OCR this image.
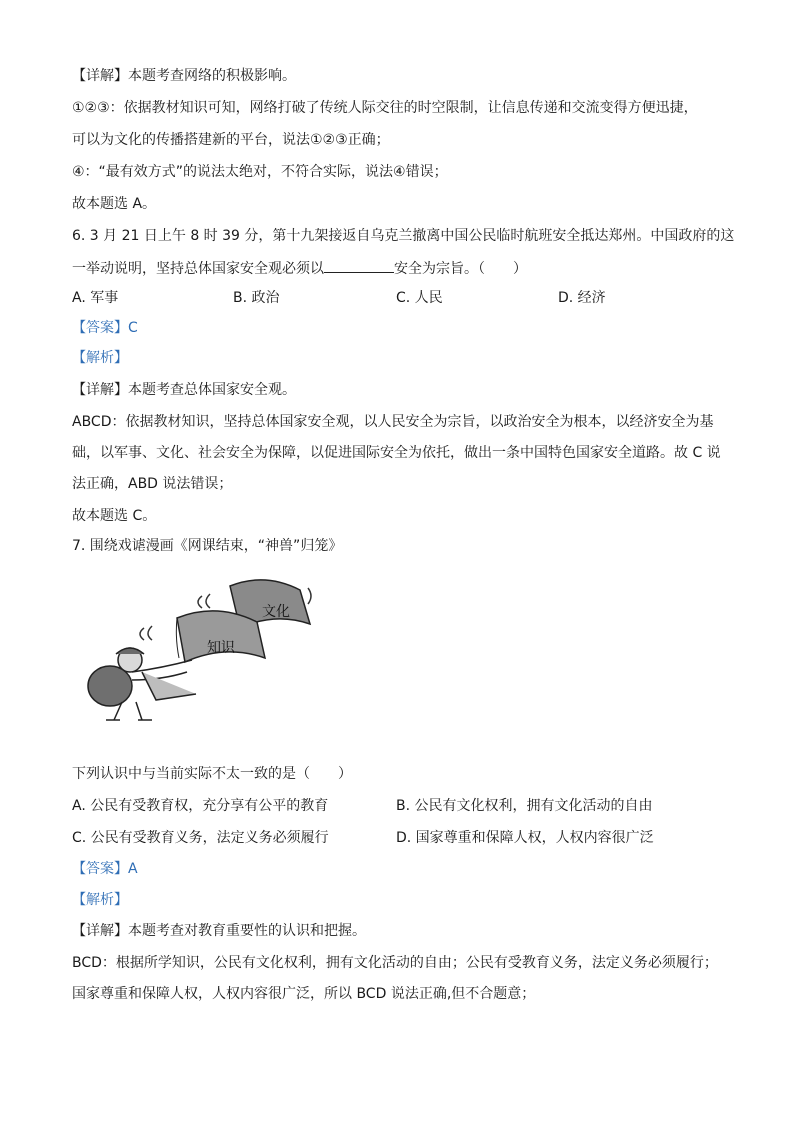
【详解】本题考查网络的积极影响。
①②③：依据教材知识可知，网络打破了传统人际交往的时空限制，让信息传递和交流变得方便迅捷，
可以为文化的传播搭建新的平台，说法①②③正确；
④：“最有效方式”的说法太绝对，不符合实际，说法④错误；
故本题选 A。
6. 3 月 21 日上午 8 时 39 分，第十九架接返自乌克兰撤离中国公民临时航班安全抵达郑州。中国政府的这
一举动说明，坚持总体国家安全观必须以	安全为宗旨。（　　）
A. 军事	B. 政治	C. 人民	D. 经济
【答案】C
【解析】
【详解】本题考查总体国家安全观。
ABCD：依据教材知识，坚持总体国家安全观，以人民安全为宗旨，以政治安全为根本，以经济安全为基
础，以军事、文化、社会安全为保障，以促进国际安全为依托，做出一条中国特色国家安全道路。故 C 说
法正确，ABD 说法错误；
故本题选 C。
7. 围绕戏谑漫画《网课结束，“神兽”归笼》
文化
知识
下列认识中与当前实际不太一致的是（　　）
A. 公民有受教育权，充分享有公平的教育	B. 公民有文化权利，拥有文化活动的自由
C. 公民有受教育义务，法定义务必须履行	D. 国家尊重和保障人权，人权内容很广泛
【答案】A
【解析】
【详解】本题考查对教育重要性的认识和把握。
BCD：根据所学知识，公民有文化权利，拥有文化活动的自由；公民有受教育义务，法定义务必须履行；
国家尊重和保障人权，人权内容很广泛，所以 BCD 说法正确,但不合题意；
